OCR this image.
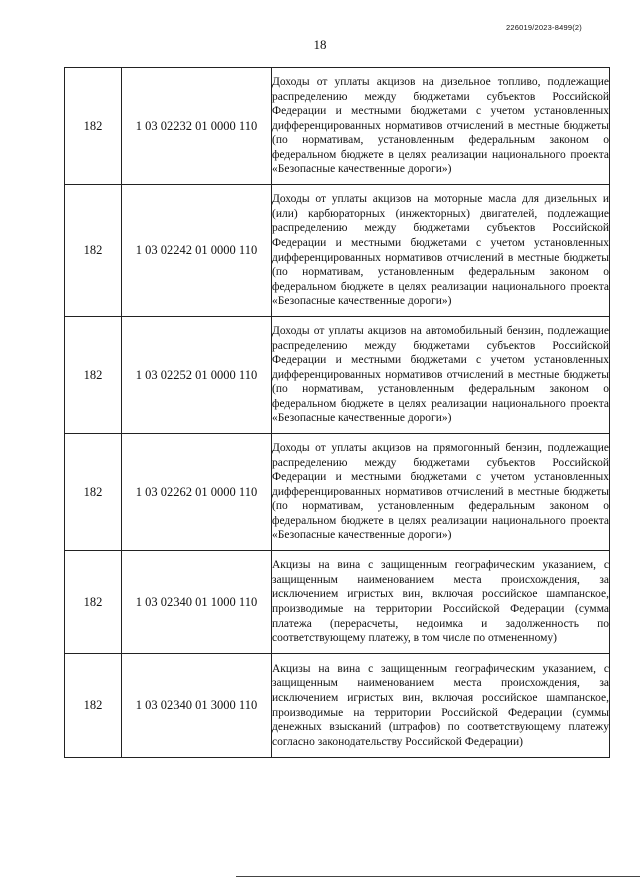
226019/2023-8499(2)
18
182	1 03 02232 01 0000 110	Доходы от уплаты акцизов на дизельное топливо, подлежащие распределению между бюджетами субъектов Российской Федерации и местными бюджетами с учетом установленных дифференцированных нормативов отчислений в местные бюджеты (по нормативам, установленным федеральным законом о федеральном бюджете в целях реализации национального проекта «Безопасные качественные дороги»)
182	1 03 02242 01 0000 110	Доходы от уплаты акцизов на моторные масла для дизельных и (или) карбюраторных (инжекторных) двигателей, подлежащие распределению между бюджетами субъектов Российской Федерации и местными бюджетами с учетом установленных дифференцированных нормативов отчислений в местные бюджеты (по нормативам, установленным федеральным законом о федеральном бюджете в целях реализации национального проекта «Безопасные качественные дороги»)
182	1 03 02252 01 0000 110	Доходы от уплаты акцизов на автомобильный бензин, подлежащие распределению между бюджетами субъектов Российской Федерации и местными бюджетами с учетом установленных дифференцированных нормативов отчислений в местные бюджеты (по нормативам, установленным федеральным законом о федеральном бюджете в целях реализации национального проекта «Безопасные качественные дороги»)
182	1 03 02262 01 0000 110	Доходы от уплаты акцизов на прямогонный бензин, подлежащие распределению между бюджетами субъектов Российской Федерации и местными бюджетами с учетом установленных дифференцированных нормативов отчислений в местные бюджеты (по нормативам, установленным федеральным законом о федеральном бюджете в целях реализации национального проекта «Безопасные качественные дороги»)
182	1 03 02340 01 1000 110	Акцизы на вина с защищенным географическим указанием, с защищенным наименованием места происхождения, за исключением игристых вин, включая российское шампанское, производимые на территории Российской Федерации (сумма платежа (перерасчеты, недоимка и задолженность по соответствующему платежу, в том числе по отмененному)
182	1 03 02340 01 3000 110	Акцизы на вина с защищенным географическим указанием, с защищенным наименованием места происхождения, за исключением игристых вин, включая российское шампанское, производимые на территории Российской Федерации (суммы денежных взысканий (штрафов) по соответствующему платежу согласно законодательству Российской Федерации)
